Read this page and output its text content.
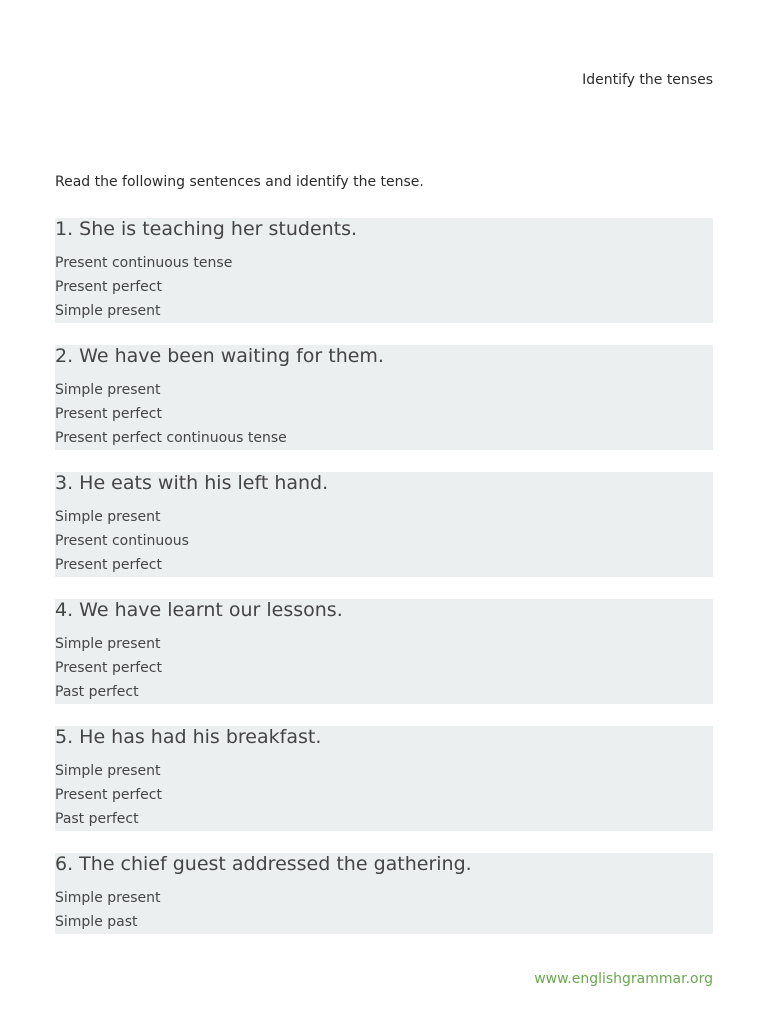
Identify the tenses
Read the following sentences and identify the tense.
1. She is teaching her students.
Present continuous tense
Present perfect
Simple present
2. We have been waiting for them.
Simple present
Present perfect
Present perfect continuous tense
3. He eats with his left hand.
Simple present
Present continuous
Present perfect
4. We have learnt our lessons.
Simple present
Present perfect
Past perfect
5. He has had his breakfast.
Simple present
Present perfect
Past perfect
6. The chief guest addressed the gathering.
Simple present
Simple past
www.englishgrammar.org
